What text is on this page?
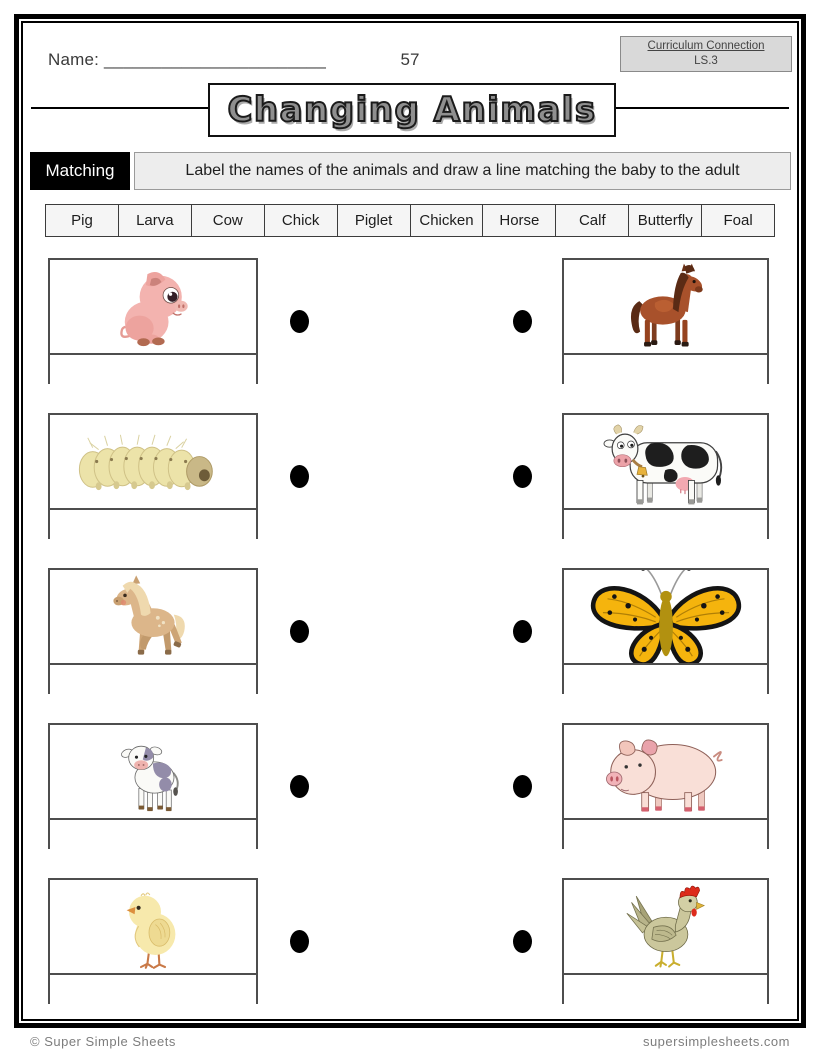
Name: _______________________	57
Curriculum Connection
LS.3
Changing Animals
Matching	Label the names of the animals and draw a line matching the baby to the adult
Pig	Larva	Cow	Chick	Piglet	Chicken	Horse	Calf	Butterfly	Foal
© Super Simple Sheets	supersimplesheets.com
